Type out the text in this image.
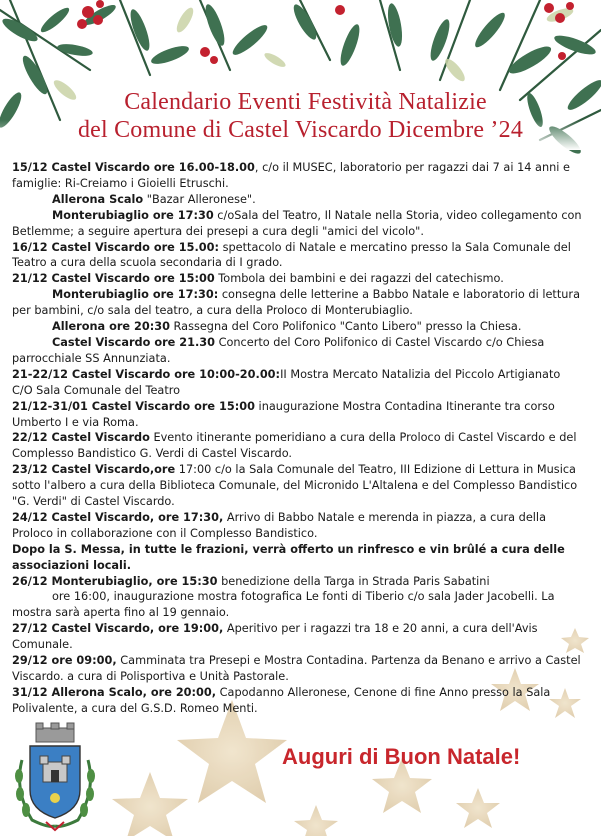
Calendario Eventi Festività Natalizie
del Comune di Castel Viscardo Dicembre ’24

15/12 Castel Viscardo ore 16.00-18.00, c/o il MUSEC, laboratorio per ragazzi dai 7 ai 14 anni e famiglie: Ri-Creiamo i Gioielli Etruschi.

Allerona Scalo "Bazar Alleronese".

Monterubiaglio ore 17:30 c/oSala del Teatro, Il Natale nella Storia, video collegamento con Betlemme; a seguire apertura dei presepi a cura degli "amici del vicolo".

16/12 Castel Viscardo ore 15.00: spettacolo di Natale e mercatino presso la Sala Comunale del Teatro a cura della scuola secondaria di I grado.

21/12 Castel Viscardo ore 15:00 Tombola dei bambini e dei ragazzi del catechismo.

Monterubiaglio ore 17:30: consegna delle letterine a Babbo Natale e laboratorio di lettura per bambini, c/o sala del teatro, a cura della Proloco di Monterubiaglio.

Allerona ore 20:30 Rassegna del Coro Polifonico "Canto Libero" presso la Chiesa.

Castel Viscardo ore 21.30 Concerto del Coro Polifonico di Castel Viscardo c/o Chiesa parrocchiale SS Annunziata.

21-22/12 Castel Viscardo ore 10:00-20.00:II Mostra Mercato Natalizia del Piccolo Artigianato C/O Sala Comunale del Teatro

21/12-31/01 Castel Viscardo ore 15:00 inaugurazione Mostra Contadina Itinerante tra corso Umberto I e via Roma.

22/12 Castel Viscardo Evento itinerante pomeridiano a cura della Proloco di Castel Viscardo e del Complesso Bandistico G. Verdi di Castel Viscardo.

23/12 Castel Viscardo,ore 17:00 c/o la Sala Comunale del Teatro, III Edizione di Lettura in Musica sotto l'albero a cura della Biblioteca Comunale, del Micronido L'Altalena e del Complesso Bandistico "G. Verdi" di Castel Viscardo.

24/12 Castel Viscardo, ore 17:30, Arrivo di Babbo Natale e merenda in piazza, a cura della Proloco in collaborazione con il Complesso Bandistico.

Dopo la S. Messa, in tutte le frazioni, verrà offerto un rinfresco e vin brûlé a cura delle associazioni locali.

26/12 Monterubiaglio, ore 15:30 benedizione della Targa in Strada Paris Sabatini

ore 16:00, inaugurazione mostra fotografica Le fonti di Tiberio c/o sala Jader Jacobelli. La mostra sarà aperta fino al 19 gennaio.

27/12 Castel Viscardo, ore 19:00, Aperitivo per i ragazzi tra 18 e 20 anni, a cura dell'Avis Comunale.

29/12 ore 09:00, Camminata tra Presepi e Mostra Contadina. Partenza da Benano e arrivo a Castel Viscardo. a cura di Polisportiva e Unità Pastorale.

31/12 Allerona Scalo, ore 20:00, Capodanno Alleronese, Cenone di fine Anno presso la Sala Polivalente, a cura del G.S.D. Romeo Menti.

Auguri di Buon Natale!
